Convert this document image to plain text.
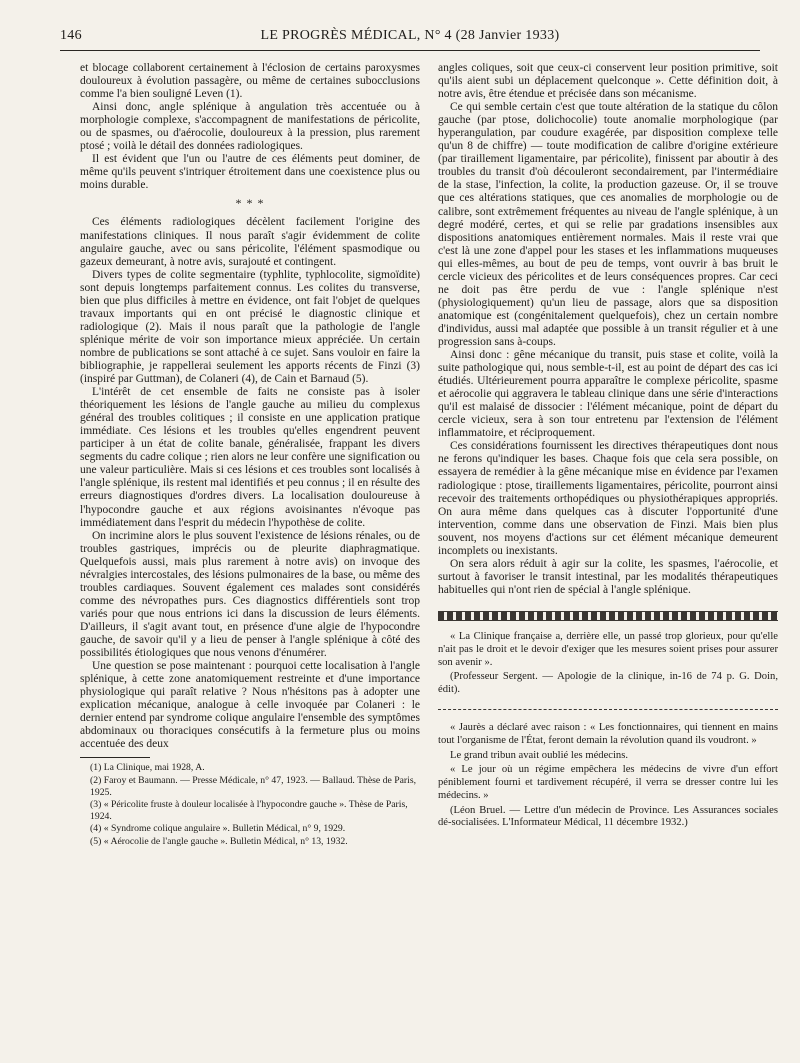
146	LE PROGRÈS MÉDICAL, N° 4 (28 Janvier 1933)

et blocage collaborent certainement à l'éclosion de certains paroxysmes douloureux à évolution passagère, ou même de certaines subocclusions comme l'a bien souligné Leven (1).

Ainsi donc, angle splénique à angulation très accentuée ou à morphologie complexe, s'accompagnent de manifestations de péricolite, ou de spasmes, ou d'aérocolie, douloureux à la pression, plus rarement ptosé ; voilà le détail des données radiologiques.

Il est évident que l'un ou l'autre de ces éléments peut dominer, de même qu'ils peuvent s'intriquer étroitement dans une coexistence plus ou moins durable.

* * *

Ces éléments radiologiques décèlent facilement l'origine des manifestations cliniques. Il nous paraît s'agir évidemment de colite angulaire gauche, avec ou sans péricolite, l'élément spasmodique ou gazeux demeurant, à notre avis, surajouté et contingent.

Divers types de colite segmentaire (typhlite, typhlocolite, sigmoïdite) sont depuis longtemps parfaitement connus. Les colites du transverse, bien que plus difficiles à mettre en évidence, ont fait l'objet de quelques travaux importants qui en ont précisé le diagnostic clinique et radiologique (2). Mais il nous paraît que la pathologie de l'angle splénique mérite de voir son importance mieux appréciée. Un certain nombre de publications se sont attaché à ce sujet. Sans vouloir en faire la bibliographie, je rappellerai seulement les apports récents de Finzi (3) (inspiré par Guttman), de Colaneri (4), de Cain et Barnaud (5).

L'intérêt de cet ensemble de faits ne consiste pas à isoler théoriquement les lésions de l'angle gauche au milieu du complexus général des troubles colitiques ; il consiste en une application pratique immédiate. Ces lésions et les troubles qu'elles engendrent peuvent participer à un état de colite banale, généralisée, frappant les divers segments du cadre colique ; rien alors ne leur confère une signification ou une valeur particulière. Mais si ces lésions et ces troubles sont localisés à l'angle splénique, ils restent mal identifiés et peu connus ; il en résulte des erreurs diagnostiques d'ordres divers. La localisation douloureuse à l'hypocondre gauche et aux régions avoisinantes n'évoque pas immédiatement dans l'esprit du médecin l'hypothèse de colite.

On incrimine alors le plus souvent l'existence de lésions rénales, ou de troubles gastriques, imprécis ou de pleurite diaphragmatique. Quelquefois aussi, mais plus rarement à notre avis) on invoque des névralgies intercostales, des lésions pulmonaires de la base, ou même des troubles cardiaques. Souvent également ces malades sont considérés comme des névropathes purs. Ces diagnostics différentiels sont trop variés pour que nous entrions ici dans la discussion de leurs éléments. D'ailleurs, il s'agit avant tout, en présence d'une algie de l'hypocondre gauche, de savoir qu'il y a lieu de penser à l'angle splénique à côté des possibilités étiologiques que nous venons d'énumérer.

Une question se pose maintenant : pourquoi cette localisation à l'angle splénique, à cette zone anatomiquement restreinte et d'une importance physiologique qui paraît relative ? Nous n'hésitons pas à adopter une explication mécanique, analogue à celle invoquée par Colaneri : le dernier entend par syndrome colique angulaire l'ensemble des symptômes abdominaux ou thoraciques consécutifs à la fermeture plus ou moins accentuée des deux

(1) La Clinique, mai 1928, A.
(2) Faroy et Baumann. — Presse Médicale, n° 47, 1923. — Ballaud. Thèse de Paris, 1925.
(3) « Péricolite fruste à douleur localisée à l'hypocondre gauche ». Thèse de Paris, 1924.
(4) « Syndrome colique angulaire ». Bulletin Médical, n° 9, 1929.
(5) « Aérocolie de l'angle gauche ». Bulletin Médical, n° 13, 1932.

angles coliques, soit que ceux-ci conservent leur position primitive, soit qu'ils aient subi un déplacement quelconque ». Cette définition doit, à notre avis, être étendue et précisée dans son mécanisme.

Ce qui semble certain c'est que toute altération de la statique du côlon gauche (par ptose, dolichocolie) toute anomalie morphologique (par hyperangulation, par coudure exagérée, par disposition complexe telle qu'un 8 de chiffre) — toute modification de calibre d'origine extérieure (par tiraillement ligamentaire, par péricolite), finissent par aboutir à des troubles du transit d'où découleront secondairement, par l'intermédiaire de la stase, l'infection, la colite, la production gazeuse. Or, il se trouve que ces altérations statiques, que ces anomalies de morphologie ou de calibre, sont extrêmement fréquentes au niveau de l'angle splénique, à un degré modéré, certes, et qui se relie par gradations insensibles aux dispositions anatomiques entièrement normales. Mais il reste vrai que c'est là une zone d'appel pour les stases et les inflammations muqueuses qui elles-mêmes, au bout de peu de temps, vont ouvrir à bas bruit le cercle vicieux des péricolites et de leurs conséquences propres. Car ceci ne doit pas être perdu de vue : l'angle splénique n'est (physiologiquement) qu'un lieu de passage, alors que sa disposition anatomique est (congénitalement quelquefois), chez un certain nombre d'individus, aussi mal adaptée que possible à un transit régulier et à une progression sans à-coups.

Ainsi donc : gêne mécanique du transit, puis stase et colite, voilà la suite pathologique qui, nous semble-t-il, est au point de départ des cas ici étudiés. Ultérieurement pourra apparaître le complexe péricolite, spasme et aérocolie qui aggravera le tableau clinique dans une série d'interactions qu'il est malaisé de dissocier : l'élément mécanique, point de départ du cercle vicieux, sera à son tour entretenu par l'extension de l'élément inflammatoire, et réciproquement.

Ces considérations fournissent les directives thérapeutiques dont nous ne ferons qu'indiquer les bases. Chaque fois que cela sera possible, on essayera de remédier à la gêne mécanique mise en évidence par l'examen radiologique : ptose, tiraillements ligamentaires, péricolite, pourront ainsi recevoir des traitements orthopédiques ou physiothérapiques appropriés. On aura même dans quelques cas à discuter l'opportunité d'une intervention, comme dans une observation de Finzi. Mais bien plus souvent, nos moyens d'actions sur cet élément mécanique demeurent incomplets ou inexistants.

On sera alors réduit à agir sur la colite, les spasmes, l'aérocolie, et surtout à favoriser le transit intestinal, par les modalités thérapeutiques habituelles qui n'ont rien de spécial à l'angle splénique.

« La Clinique française a, derrière elle, un passé trop glorieux, pour qu'elle n'ait pas le droit et le devoir d'exiger que les mesures soient prises pour assurer son avenir ».

(Professeur Sergent. — Apologie de la clinique, in-16 de 74 p. G. Doin, édit).

« Jaurès a déclaré avec raison : « Les fonctionnaires, qui tiennent en mains tout l'organisme de l'État, feront demain la révolution quand ils voudront. »

Le grand tribun avait oublié les médecins.

« Le jour où un régime empêchera les médecins de vivre d'un effort péniblement fourni et tardivement récupéré, il verra se dresser contre lui les médecins. »

(Léon Bruel. — Lettre d'un médecin de Province. Les Assurances sociales dé-socialisées. L'Informateur Médical, 11 décembre 1932.)
